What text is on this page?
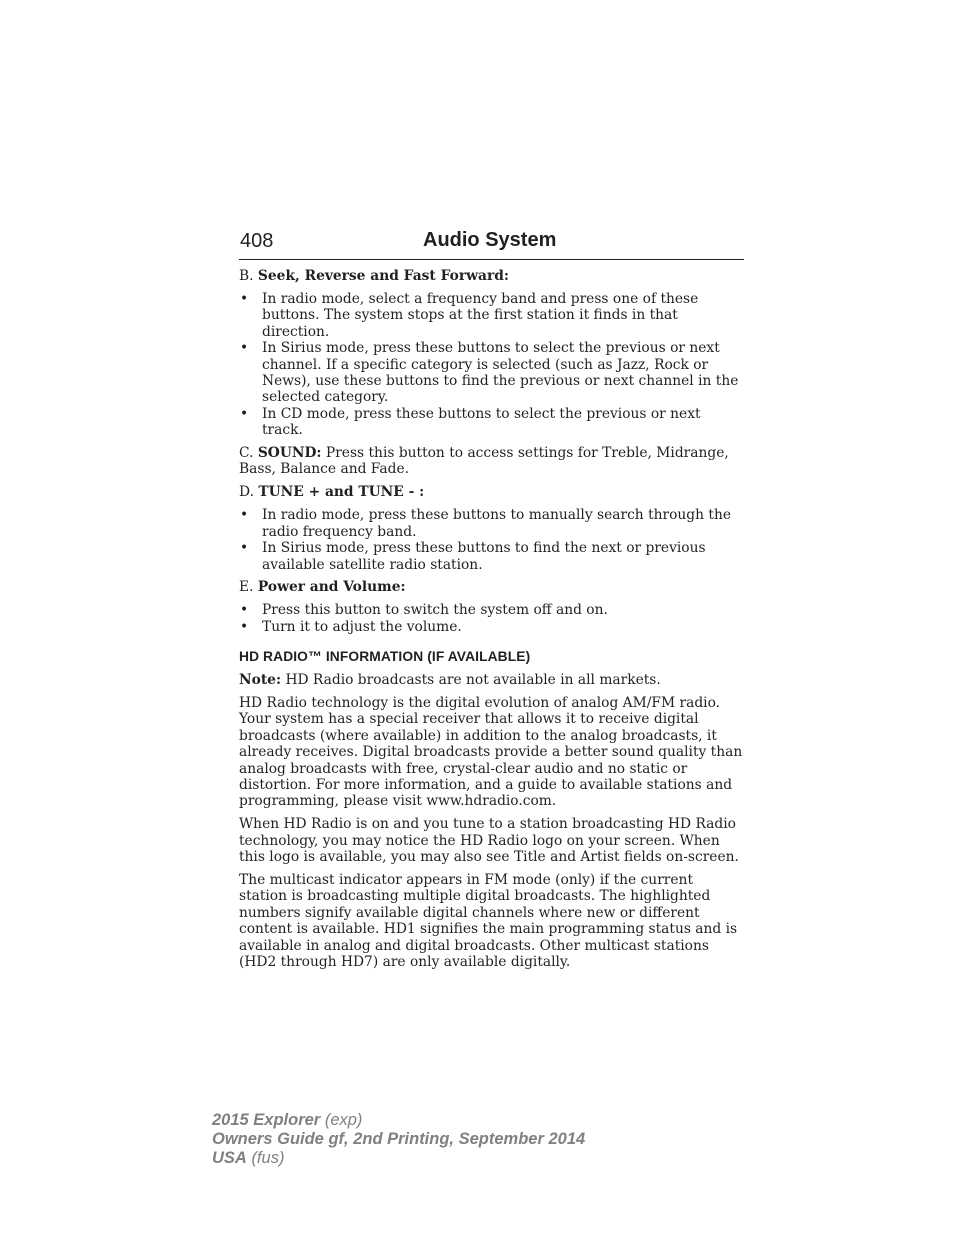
408	Audio System

B. Seek, Reverse and Fast Forward:

• In radio mode, select a frequency band and press one of these buttons. The system stops at the first station it finds in that direction.
• In Sirius mode, press these buttons to select the previous or next channel. If a specific category is selected (such as Jazz, Rock or News), use these buttons to find the previous or next channel in the selected category.
• In CD mode, press these buttons to select the previous or next track.

C. SOUND: Press this button to access settings for Treble, Midrange, Bass, Balance and Fade.

D. TUNE + and TUNE - :

• In radio mode, press these buttons to manually search through the radio frequency band.
• In Sirius mode, press these buttons to find the next or previous available satellite radio station.

E. Power and Volume:

• Press this button to switch the system off and on.
• Turn it to adjust the volume.
HD RADIO™ INFORMATION (IF AVAILABLE)

Note: HD Radio broadcasts are not available in all markets.

HD Radio technology is the digital evolution of analog AM/FM radio. Your system has a special receiver that allows it to receive digital broadcasts (where available) in addition to the analog broadcasts, it already receives. Digital broadcasts provide a better sound quality than analog broadcasts with free, crystal-clear audio and no static or distortion. For more information, and a guide to available stations and programming, please visit www.hdradio.com.

When HD Radio is on and you tune to a station broadcasting HD Radio technology, you may notice the HD Radio logo on your screen. When this logo is available, you may also see Title and Artist fields on-screen.

The multicast indicator appears in FM mode (only) if the current station is broadcasting multiple digital broadcasts. The highlighted numbers signify available digital channels where new or different content is available. HD1 signifies the main programming status and is available in analog and digital broadcasts. Other multicast stations (HD2 through HD7) are only available digitally.

2015 Explorer (exp)
Owners Guide gf, 2nd Printing, September 2014
USA (fus)
